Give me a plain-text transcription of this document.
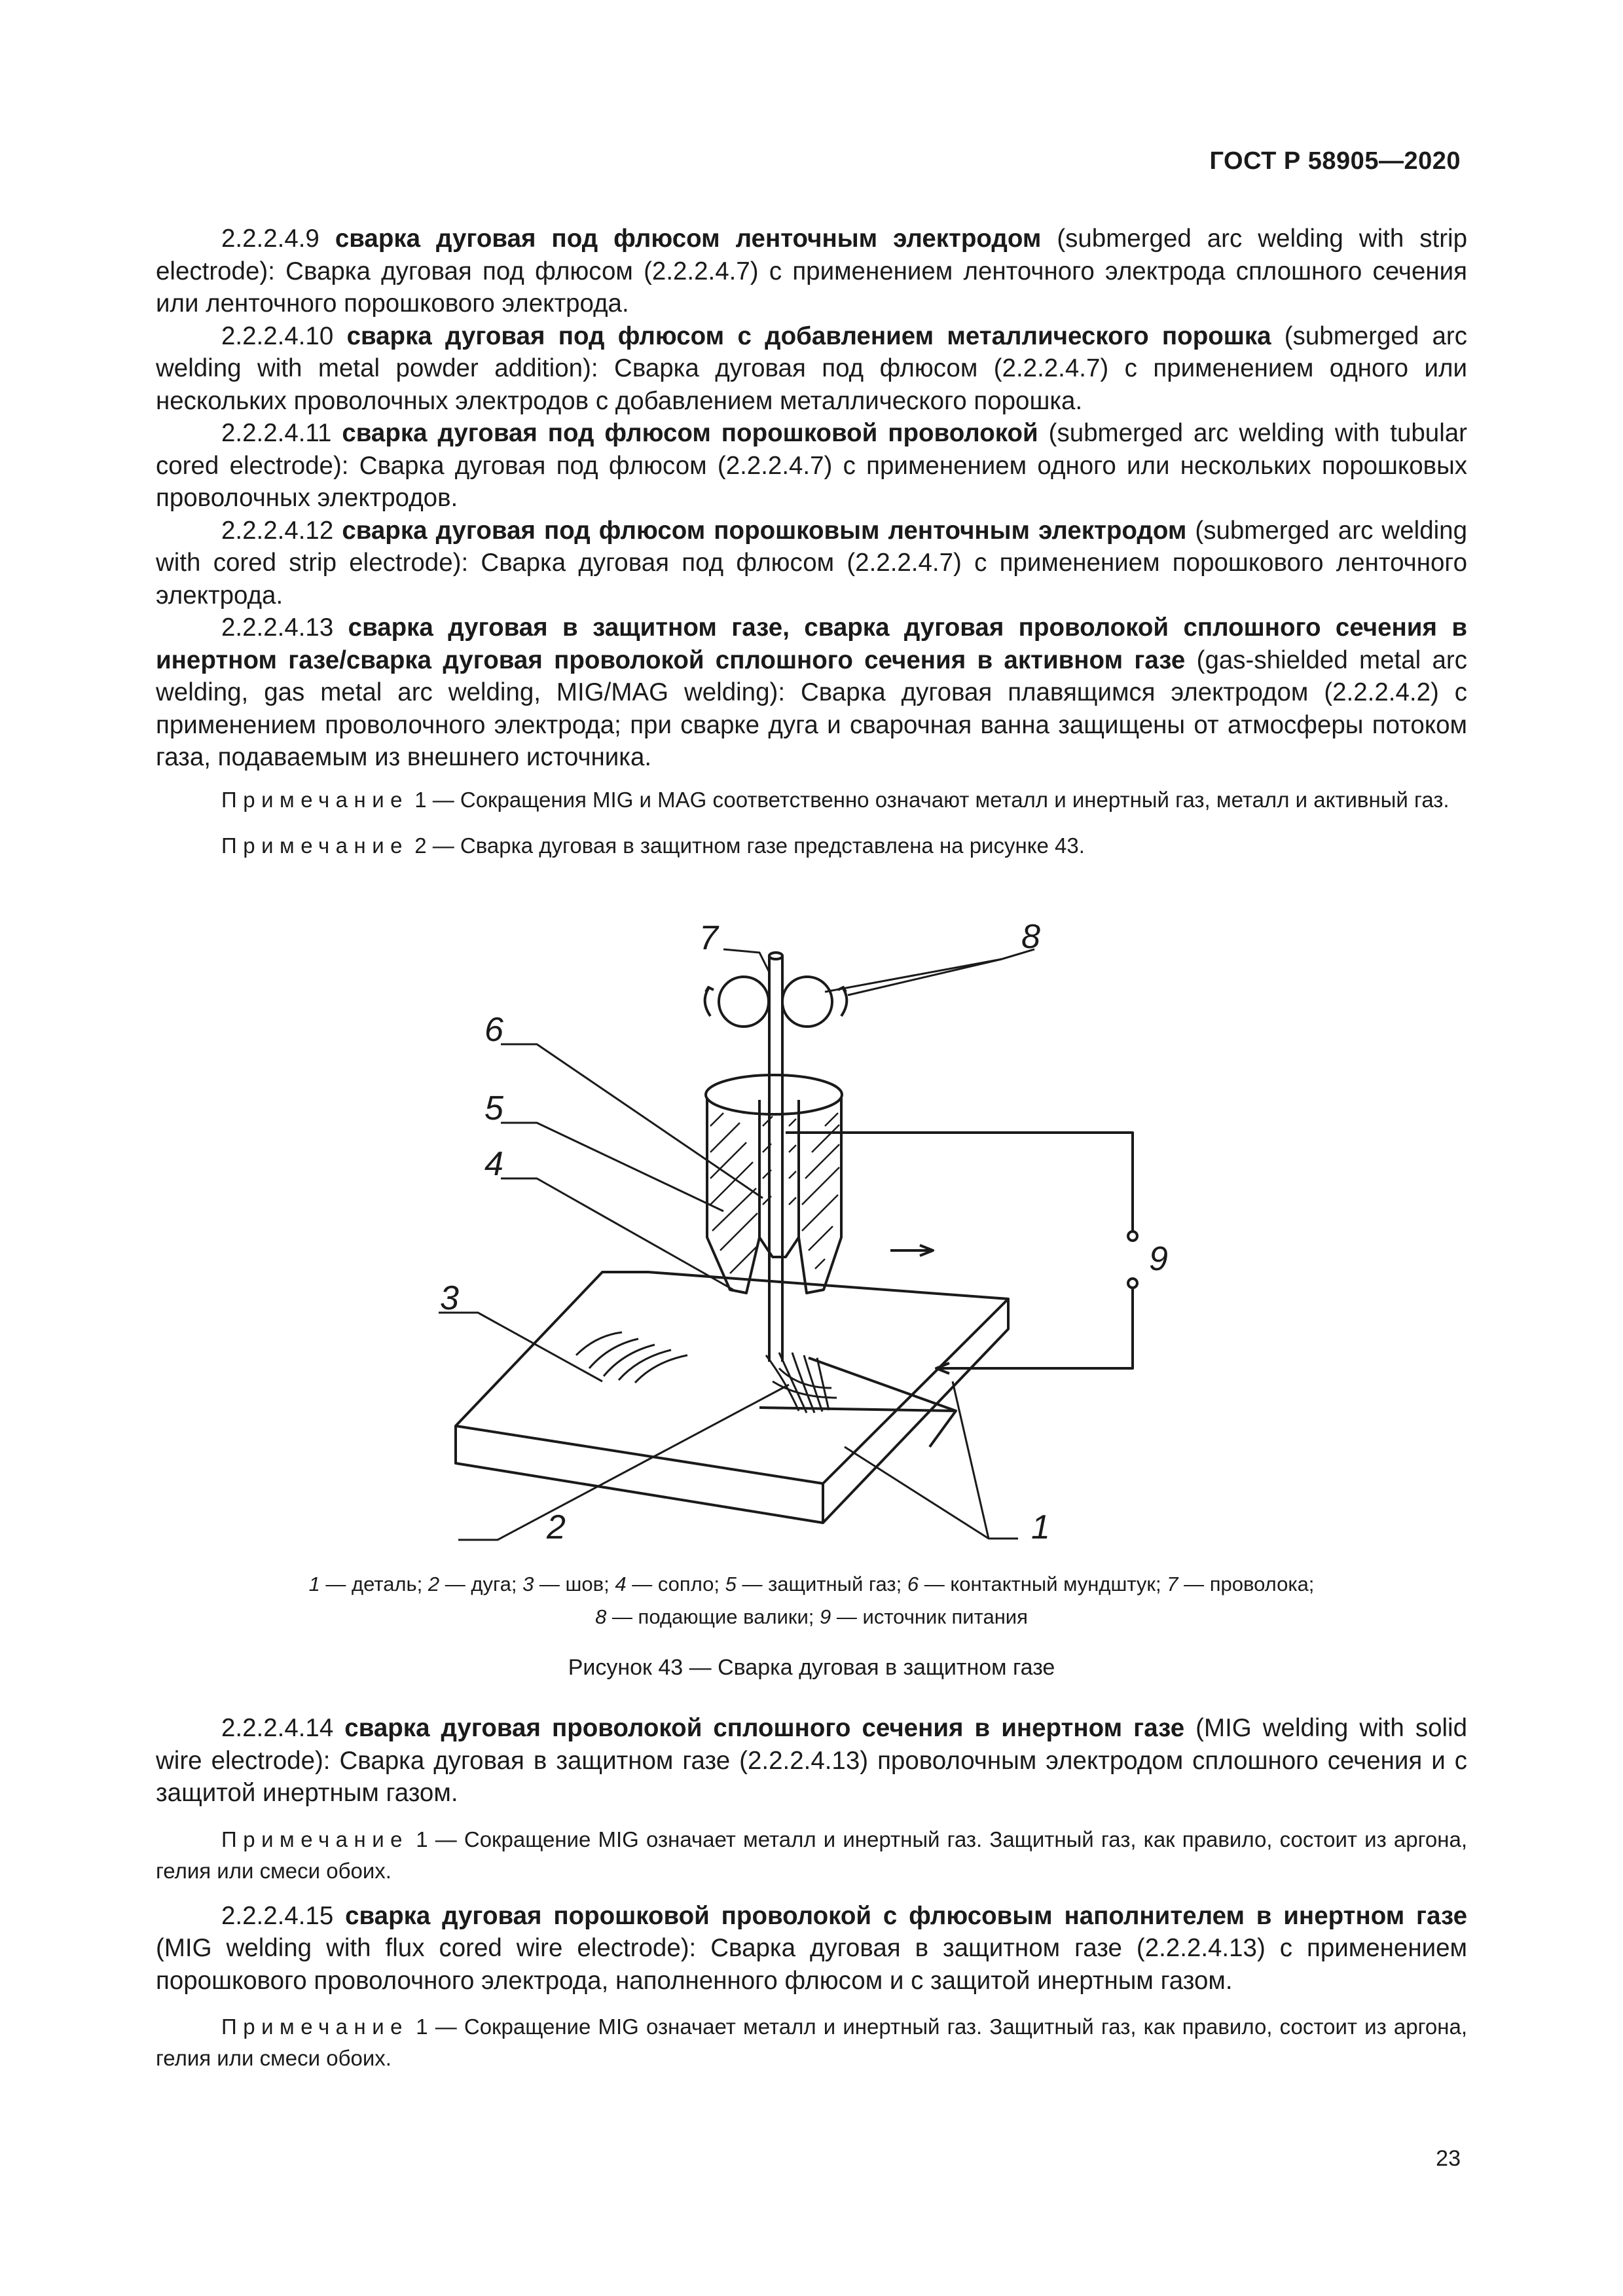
ГОСТ Р 58905—2020

2.2.2.4.9 сварка дуговая под флюсом ленточным электродом (submerged arc welding with strip electrode): Сварка дуговая под флюсом (2.2.2.4.7) с применением ленточного электрода сплошного сечения или ленточного порошкового электрода.

2.2.2.4.10 сварка дуговая под флюсом с добавлением металлического порошка (submerged arc welding with metal powder addition): Сварка дуговая под флюсом (2.2.2.4.7) с применением одного или нескольких проволочных электродов с добавлением металлического порошка.

2.2.2.4.11 сварка дуговая под флюсом порошковой проволокой (submerged arc welding with tubular cored electrode): Сварка дуговая под флюсом (2.2.2.4.7) с применением одного или нескольких порошковых проволочных электродов.

2.2.2.4.12 сварка дуговая под флюсом порошковым ленточным электродом (submerged arc welding with cored strip electrode): Сварка дуговая под флюсом (2.2.2.4.7) с применением порошкового ленточного электрода.

2.2.2.4.13 сварка дуговая в защитном газе, сварка дуговая проволокой сплошного сечения в инертном газе/сварка дуговая проволокой сплошного сечения в активном газе (gas-shielded metal arc welding, gas metal arc welding, MIG/MAG welding): Сварка дуговая плавящимся электродом (2.2.2.4.2) с применением проволочного электрода; при сварке дуга и сварочная ванна защищены от атмосферы потоком газа, подаваемым из внешнего источника.

Примечание 1 — Сокращения MIG и MAG соответственно означают металл и инертный газ, металл и активный газ.

Примечание 2 — Сварка дуговая в защитном газе представлена на рисунке 43.

7	8
6
5
4
3
9
2	1
1 — деталь; 2 — дуга; 3 — шов; 4 — сопло; 5 — защитный газ; 6 — контактный мундштук; 7 — проволока;
8 — подающие валики; 9 — источник питания
Рисунок 43 — Сварка дуговая в защитном газе

2.2.2.4.14 сварка дуговая проволокой сплошного сечения в инертном газе (MIG welding with solid wire electrode): Сварка дуговая в защитном газе (2.2.2.4.13) проволочным электродом сплошного сечения и с защитой инертным газом.

Примечание 1 — Сокращение MIG означает металл и инертный газ. Защитный газ, как правило, состоит из аргона, гелия или смеси обоих.

2.2.2.4.15 сварка дуговая порошковой проволокой с флюсовым наполнителем в инертном газе (MIG welding with flux cored wire electrode): Сварка дуговая в защитном газе (2.2.2.4.13) с применением порошкового проволочного электрода, наполненного флюсом и с защитой инертным газом.

Примечание 1 — Сокращение MIG означает металл и инертный газ. Защитный газ, как правило, состоит из аргона, гелия или смеси обоих.

23
